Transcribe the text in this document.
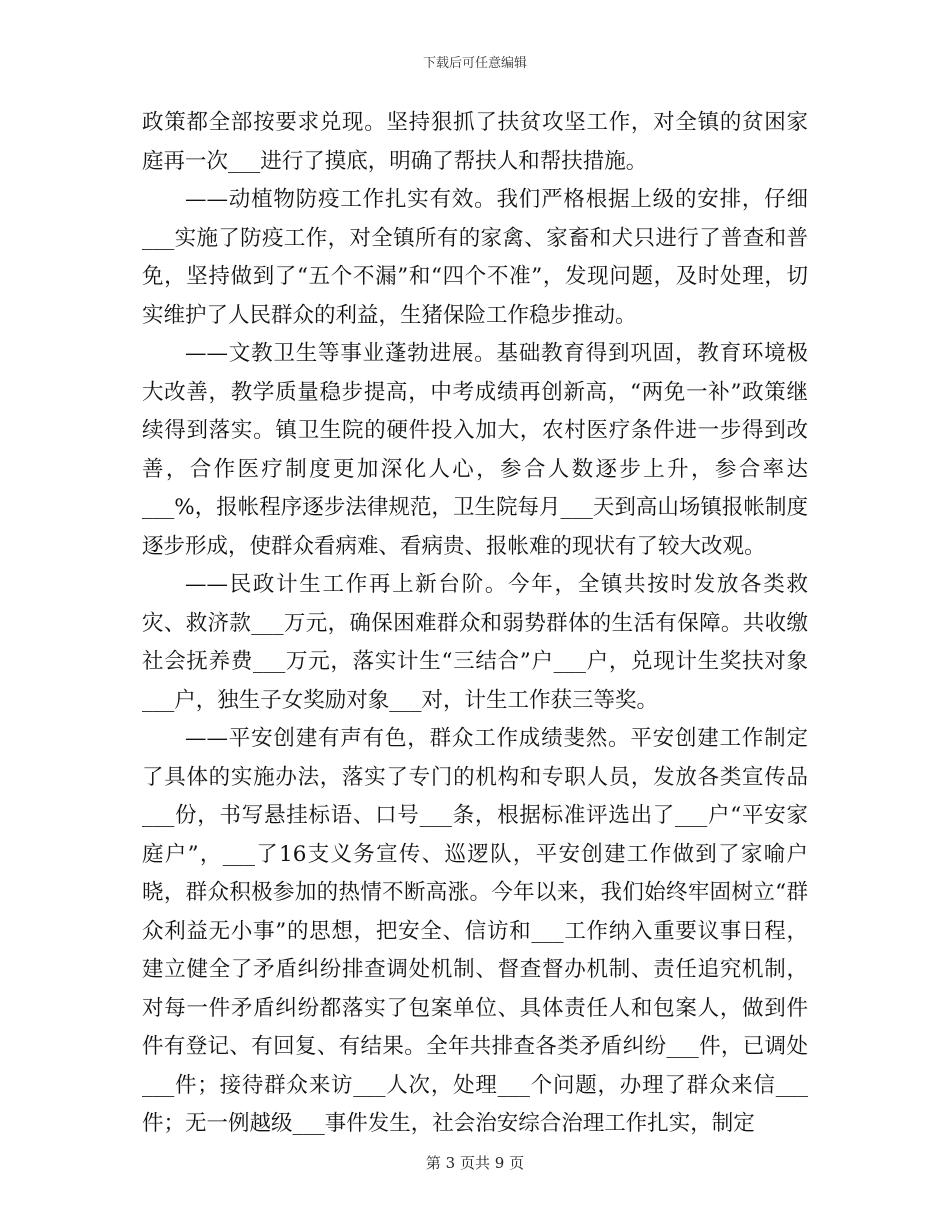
下载后可任意编辑

政策都全部按要求兑现。坚持狠抓了扶贫攻坚工作，对全镇的贫困家庭再一次___进行了摸底，明确了帮扶人和帮扶措施。

——动植物防疫工作扎实有效。我们严格根据上级的安排，仔细___实施了防疫工作，对全镇所有的家禽、家畜和犬只进行了普查和普免，坚持做到了“五个不漏”和“四个不准”，发现问题，及时处理，切实维护了人民群众的利益，生猪保险工作稳步推动。

——文教卫生等事业蓬勃进展。基础教育得到巩固，教育环境极大改善，教学质量稳步提高，中考成绩再创新高，“两免一补”政策继续得到落实。镇卫生院的硬件投入加大，农村医疗条件进一步得到改善，合作医疗制度更加深化人心，参合人数逐步上升，参合率达___%，报帐程序逐步法律规范，卫生院每月___天到高山场镇报帐制度逐步形成，使群众看病难、看病贵、报帐难的现状有了较大改观。

——民政计生工作再上新台阶。今年，全镇共按时发放各类救灾、救济款___万元，确保困难群众和弱势群体的生活有保障。共收缴社会抚养费___万元，落实计生“三结合”户___户，兑现计生奖扶对象___户，独生子女奖励对象___对，计生工作获三等奖。

——平安创建有声有色，群众工作成绩斐然。平安创建工作制定了具体的实施办法，落实了专门的机构和专职人员，发放各类宣传品___份，书写悬挂标语、口号___条，根据标准评选出了___户“平安家庭户”，___了16支义务宣传、巡逻队，平安创建工作做到了家喻户晓，群众积极参加的热情不断高涨。今年以来，我们始终牢固树立“群众利益无小事”的思想，把安全、信访和___工作纳入重要议事日程，建立健全了矛盾纠纷排查调处机制、督查督办机制、责任追究机制，对每一件矛盾纠纷都落实了包案单位、具体责任人和包案人，做到件件有登记、有回复、有结果。全年共排查各类矛盾纠纷___件，已调处___件；接待群众来访___人次，处理___个问题，办理了群众来信___件；无一例越级___事件发生，社会治安综合治理工作扎实，制定

第 3 页共 9 页
